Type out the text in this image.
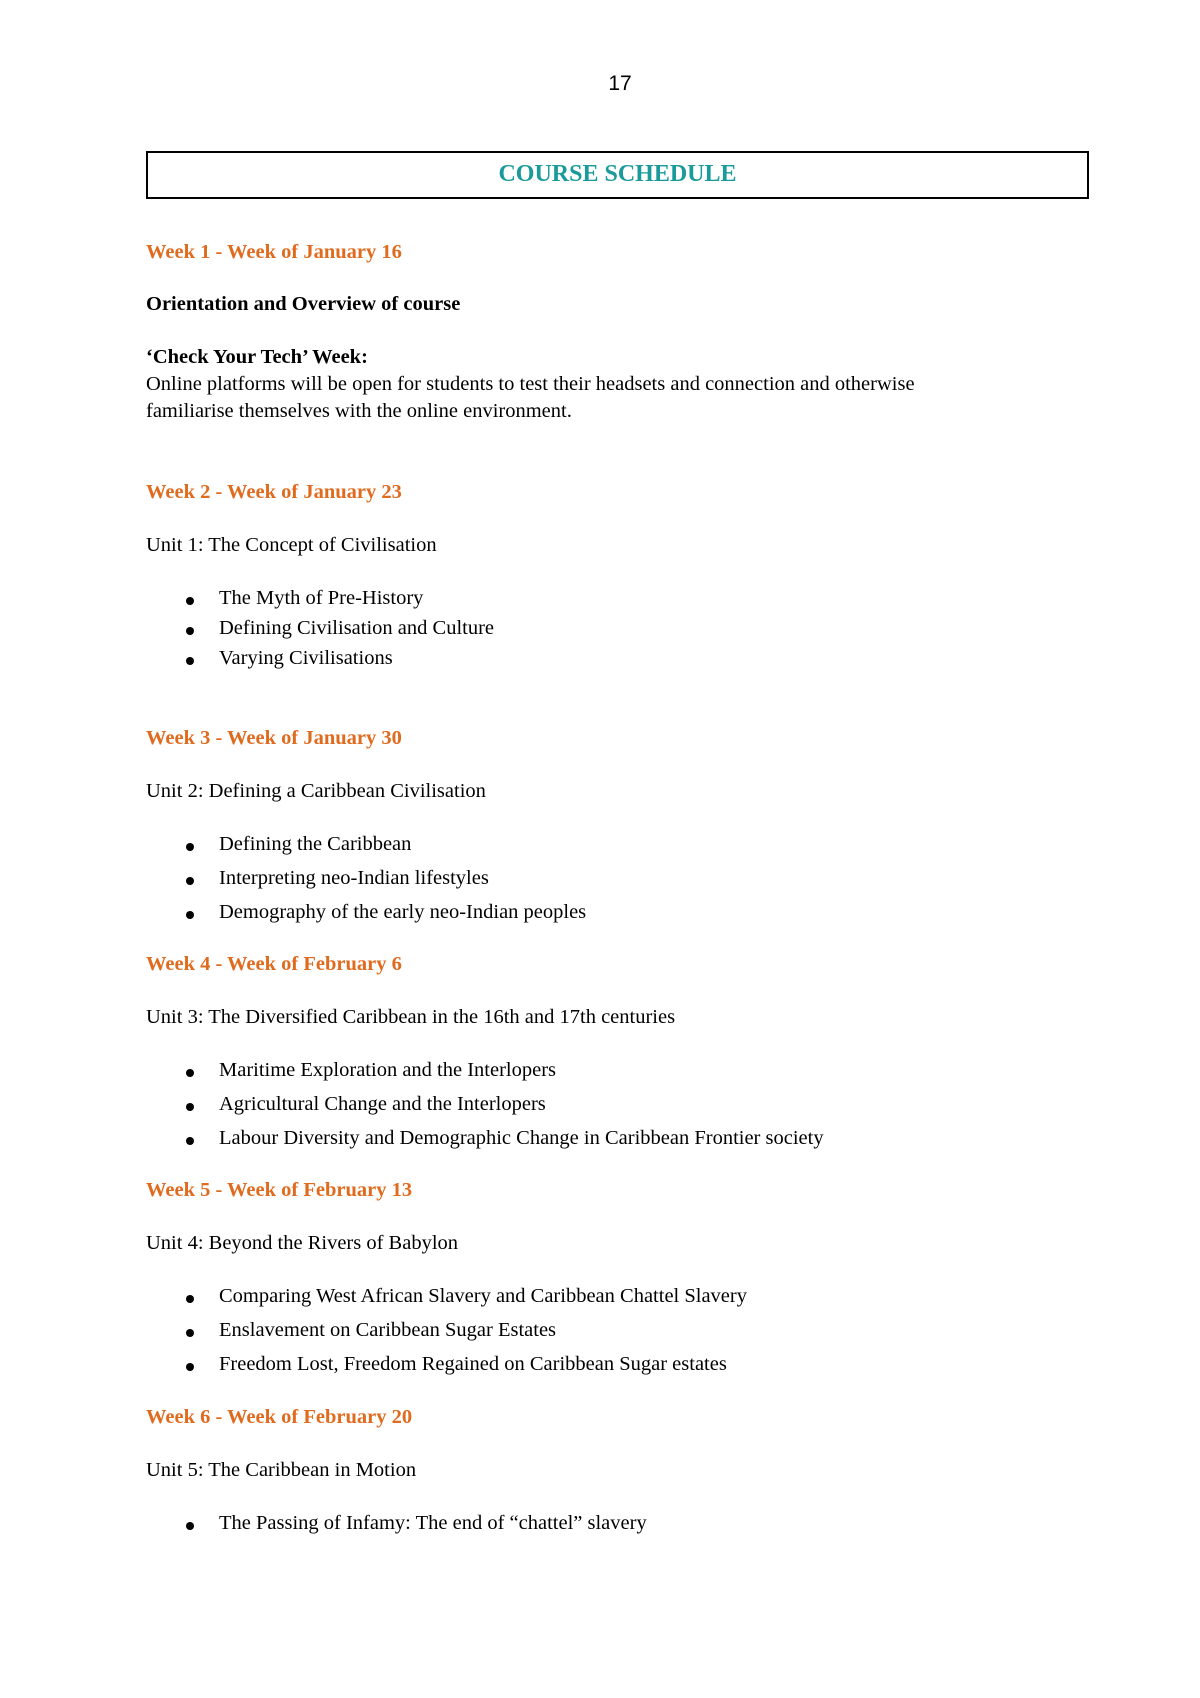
17
COURSE SCHEDULE
Week 1 - Week of January 16
Orientation and Overview of course
‘Check Your Tech’ Week:
Online platforms will be open for students to test their headsets and connection and otherwise
familiarise themselves with the online environment.
Week 2 - Week of January 23
Unit 1: The Concept of Civilisation
The Myth of Pre-History
Defining Civilisation and Culture
Varying Civilisations
Week 3 - Week of January 30
Unit 2: Defining a Caribbean Civilisation
Defining the Caribbean
Interpreting neo-Indian lifestyles
Demography of the early neo-Indian peoples
Week 4 - Week of February 6
Unit 3: The Diversified Caribbean in the 16th and 17th centuries
Maritime Exploration and the Interlopers
Agricultural Change and the Interlopers
Labour Diversity and Demographic Change in Caribbean Frontier society
Week 5 - Week of February 13
Unit 4: Beyond the Rivers of Babylon
Comparing West African Slavery and Caribbean Chattel Slavery
Enslavement on Caribbean Sugar Estates
Freedom Lost, Freedom Regained on Caribbean Sugar estates
Week 6 - Week of February 20
Unit 5: The Caribbean in Motion
The Passing of Infamy: The end of “chattel” slavery
